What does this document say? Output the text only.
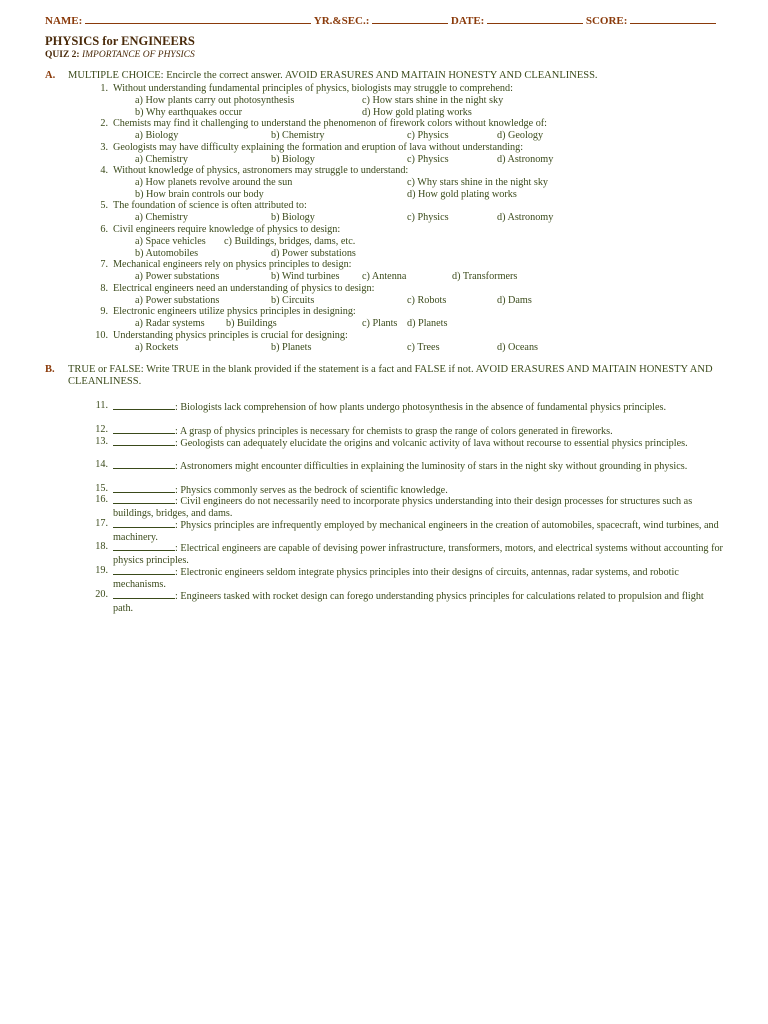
NAME:	YR.&SEC.:	DATE:	SCORE:
PHYSICS for ENGINEERS
QUIZ 2: IMPORTANCE OF PHYSICS
A. MULTIPLE CHOICE: Encircle the correct answer. AVOID ERASURES AND MAITAIN HONESTY AND CLEANLINESS.
1. Without understanding fundamental principles of physics, biologists may struggle to comprehend:
a) How plants carry out photosynthesis	c) How stars shine in the night sky
b) Why earthquakes occur	d) How gold plating works
2. Chemists may find it challenging to understand the phenomenon of firework colors without knowledge of:
a) Biology	b) Chemistry	c) Physics	d) Geology
3. Geologists may have difficulty explaining the formation and eruption of lava without understanding:
a) Chemistry	b) Biology	c) Physics	d) Astronomy
4. Without knowledge of physics, astronomers may struggle to understand:
a) How planets revolve around the sun	c) Why stars shine in the night sky
b) How brain controls our body	d) How gold plating works
5. The foundation of science is often attributed to:
a) Chemistry	b) Biology	c) Physics	d) Astronomy
6. Civil engineers require knowledge of physics to design:
a) Space vehicles c) Buildings, bridges, dams, etc.
b) Automobiles	d) Power substations
7. Mechanical engineers rely on physics principles to design:
a) Power substations	b) Wind turbines c) Antenna	d) Transformers
8. Electrical engineers need an understanding of physics to design:
a) Power substations	b) Circuits	c) Robots	d) Dams
9. Electronic engineers utilize physics principles in designing:
a) Radar systems b) Buildings	c) Plants d) Planets
10. Understanding physics principles is crucial for designing:
a) Rockets	b) Planets	c) Trees	d) Oceans
B. TRUE or FALSE: Write TRUE in the blank provided if the statement is a fact and FALSE if not. AVOID ERASURES AND MAITAIN HONESTY AND CLEANLINESS.
11.	: Biologists lack comprehension of how plants undergo photosynthesis in the absence of fundamental physics principles.
12.	: A grasp of physics principles is necessary for chemists to grasp the range of colors generated in fireworks.
13.	: Geologists can adequately elucidate the origins and volcanic activity of lava without recourse to essential physics principles.
14.	: Astronomers might encounter difficulties in explaining the luminosity of stars in the night sky without grounding in physics.
15.	: Physics commonly serves as the bedrock of scientific knowledge.
16.	: Civil engineers do not necessarily need to incorporate physics understanding into their design processes for structures such as buildings, bridges, and dams.
17.	: Physics principles are infrequently employed by mechanical engineers in the creation of automobiles, spacecraft, wind turbines, and machinery.
18.	: Electrical engineers are capable of devising power infrastructure, transformers, motors, and electrical systems without accounting for physics principles.
19.	: Electronic engineers seldom integrate physics principles into their designs of circuits, antennas, radar systems, and robotic mechanisms.
20.	: Engineers tasked with rocket design can forego understanding physics principles for calculations related to propulsion and flight path.
